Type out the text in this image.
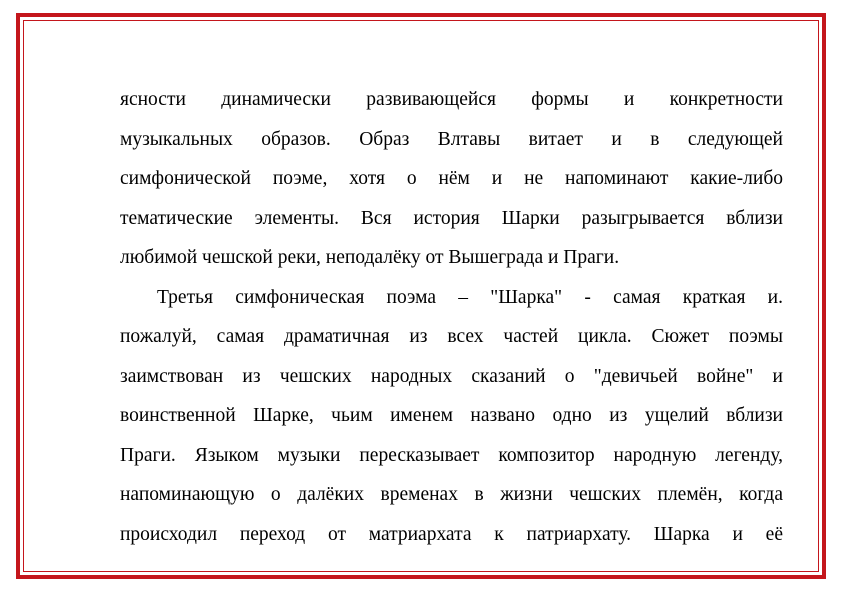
ясности динамически развивающейся формы и конкретности
музыкальных образов. Образ Влтавы витает и в следующей
симфонической поэме, хотя о нём и не напоминают какие-либо
тематические элементы. Вся история Шарки разыгрывается вблизи
любимой чешской реки, неподалёку от Вышеграда и Праги.
Третья симфоническая поэма – "Шарка" - самая краткая и.
пожалуй, самая драматичная из всех частей цикла. Сюжет поэмы
заимствован из чешских народных сказаний о "девичьей войне" и
воинственной Шарке, чьим именем названо одно из ущелий вблизи
Праги. Языком музыки пересказывает композитор народную легенду,
напоминающую о далёких временах в жизни чешских племён, когда
происходил переход от матриархата к патриархату. Шарка и её
